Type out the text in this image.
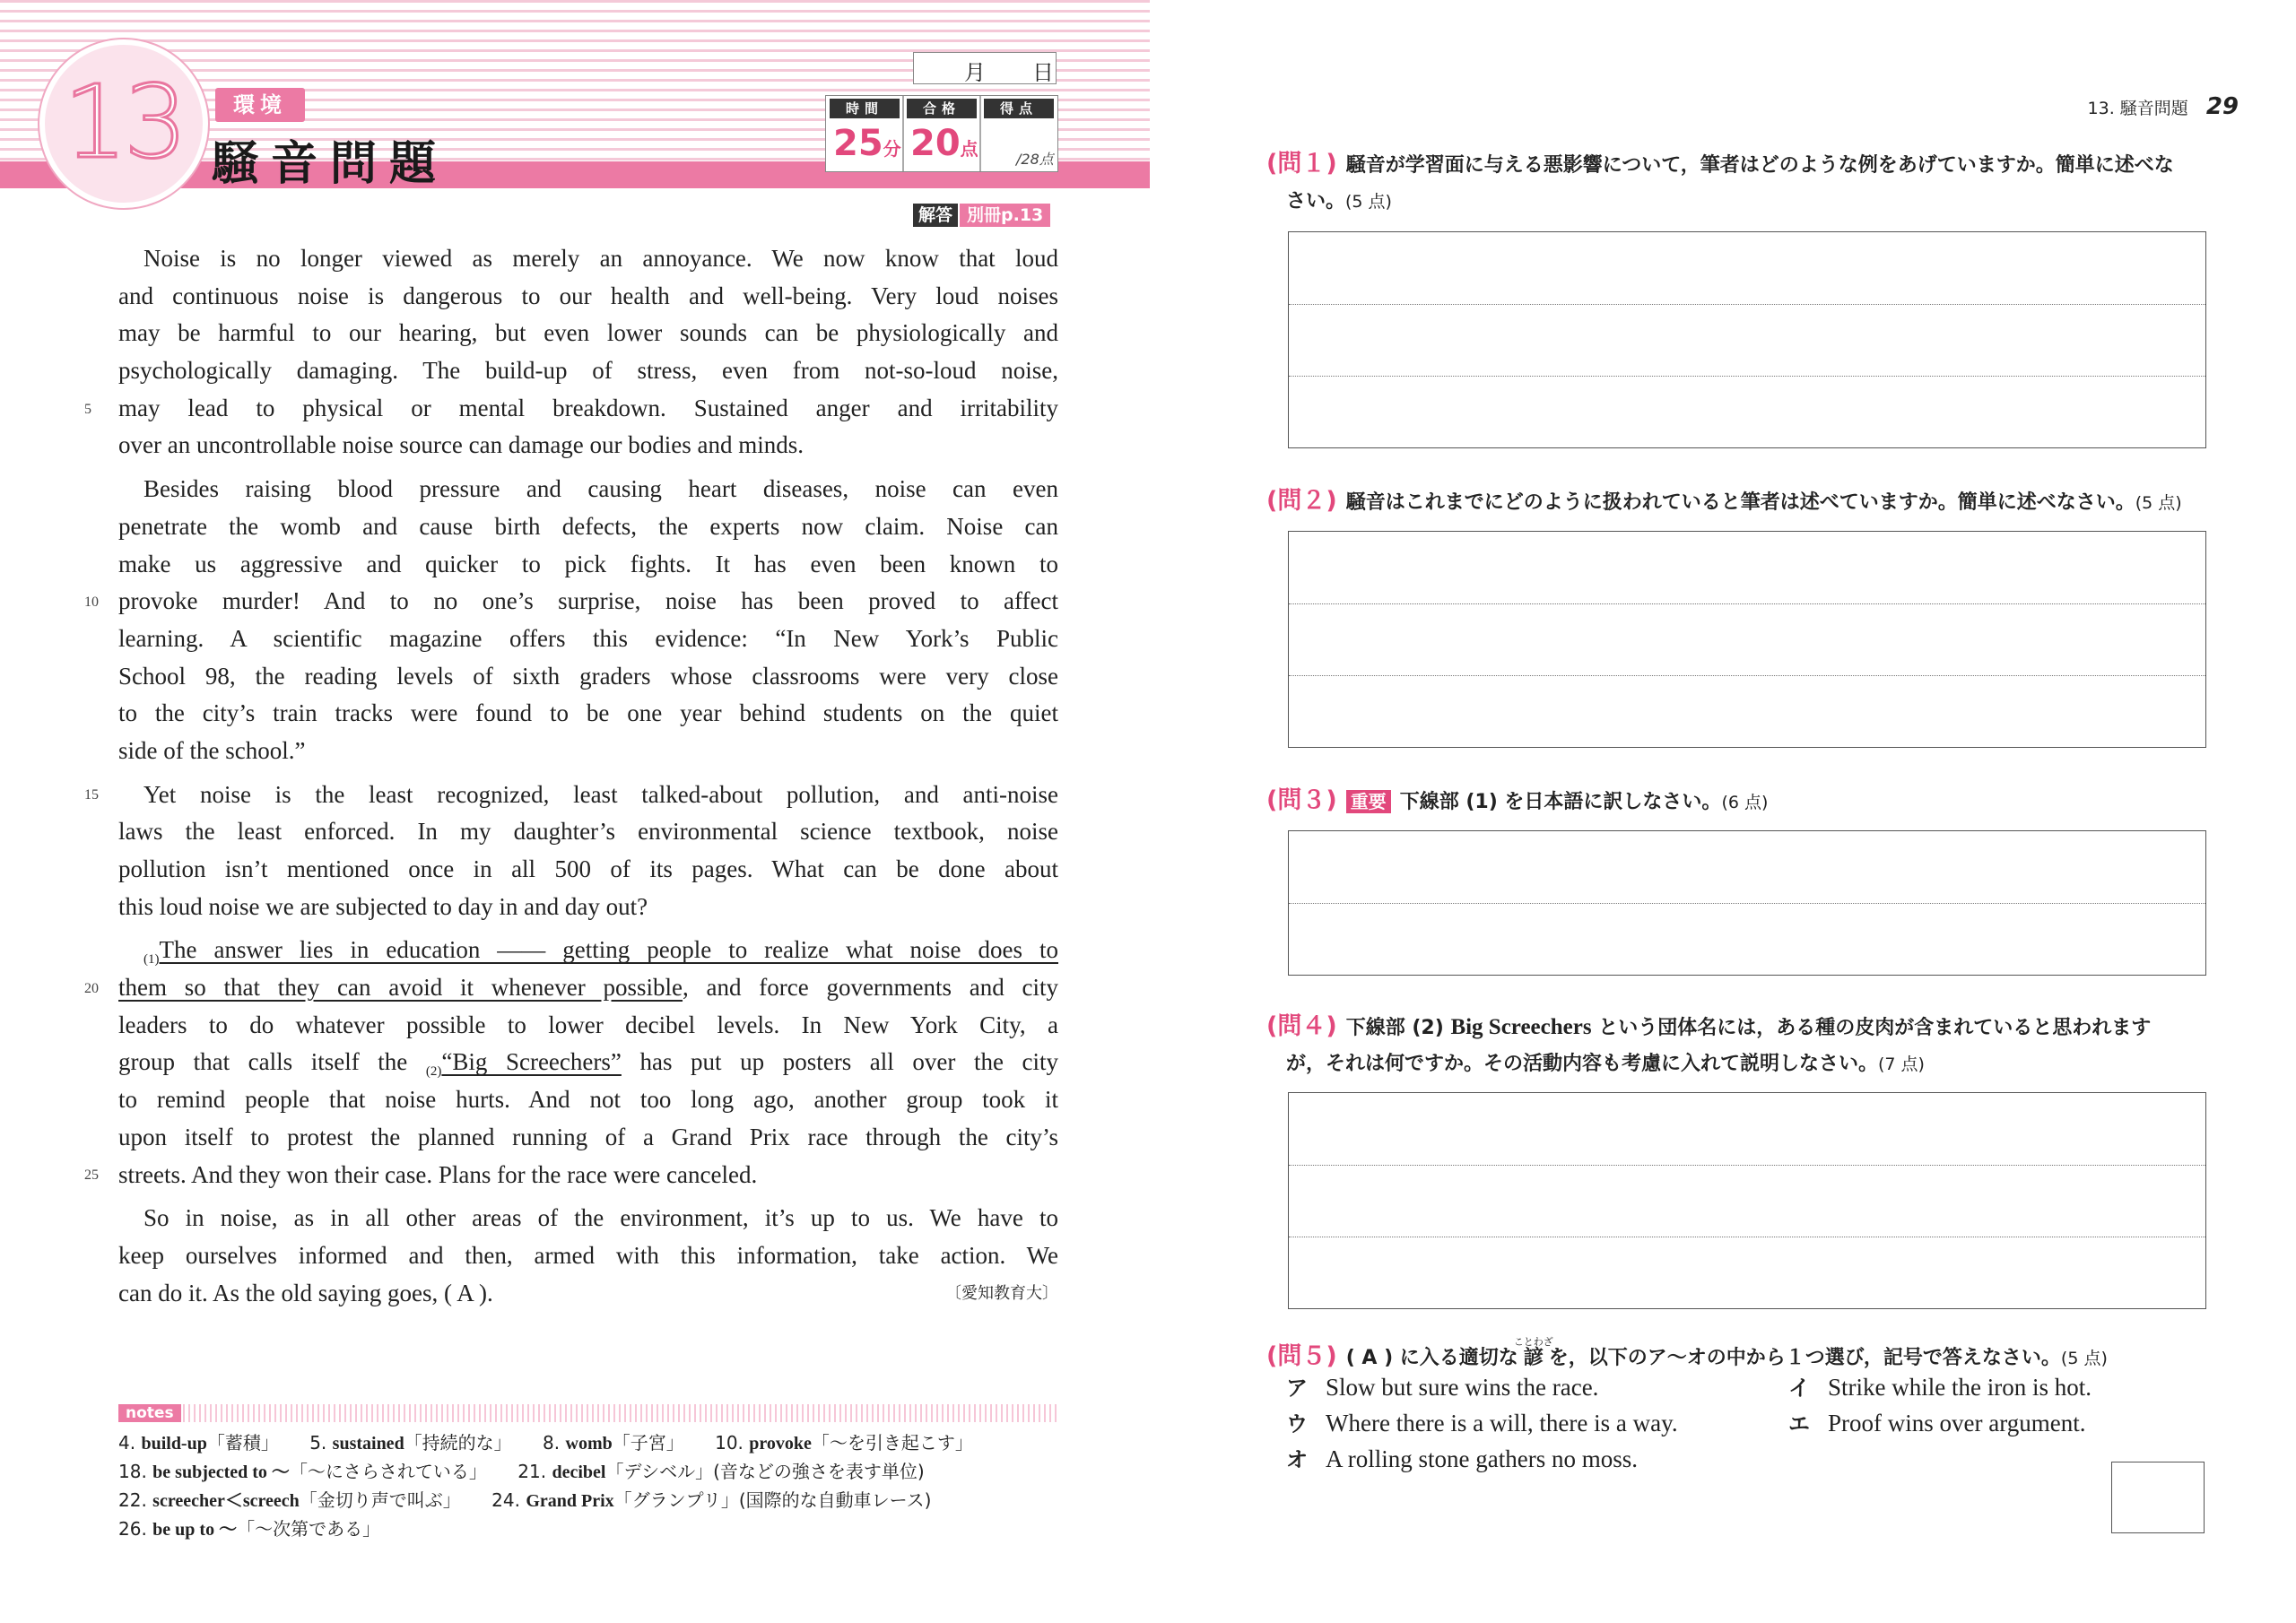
13	環境
騒音問題
月 日
時間	合格	得点
25分 20点	/28点
解答 別冊p.13
Noise is no longer viewed as merely an annoyance. We now know that loud
and continuous noise is dangerous to our health and well-being. Very loud noises
may be harmful to our hearing, but even lower sounds can be physiologically and
psychologically damaging. The build-up of stress, even from not-so-loud noise,
may lead to physical or mental breakdown. Sustained anger and irritability
over an uncontrollable noise source can damage our bodies and minds.
5
Besides raising blood pressure and causing heart diseases, noise can even
penetrate the womb and cause birth defects, the experts now claim. Noise can
make us aggressive and quicker to pick fights. It has even been known to
provoke murder! And to no one’s surprise, noise has been proved to affect
learning. A scientific magazine offers this evidence: “In New York’s Public
School 98, the reading levels of sixth graders whose classrooms were very close
to the city’s train tracks were found to be one year behind students on the quiet
side of the school.”
10
Yet noise is the least recognized, least talked-about pollution, and anti-noise
laws the least enforced. In my daughter’s environmental science textbook, noise
pollution isn’t mentioned once in all 500 of its pages. What can be done about
this loud noise we are subjected to day in and day out?
15
$_{(1)}$The answer lies in education —— getting people to realize what noise does to
them so that they can avoid it whenever possible, and force governments and city
leaders to do whatever possible to lower decibel levels. In New York City, a
group that calls itself the $_{(2)}$“Big Screechers” has put up posters all over the city
to remind people that noise hurts. And not too long ago, another group took it
upon itself to protest the planned running of a Grand Prix race through the city’s
streets. And they won their case. Plans for the race were canceled.
20
25
So in noise, as in all other areas of the environment, it’s up to us. We have to
keep ourselves informed and then, armed with this information, take action. We
can do it. As the old saying goes, ( A ).	〔愛知教育大〕
notes
4. build-up「蓄積」 5. sustained「持続的な」 8. womb「子宮」 10. provoke「～を引き起こす」
18. be subjected to ～「～にさらされている」 21. decibel「デシベル」(音などの強さを表す単位)
22. screecher＜screech「金切り声で叫ぶ」 24. Grand Prix「グランプリ」(国際的な自動車レース)
26. be up to ～「～次第である」
13. 騒音問題 29
(問１) 騒音が学習面に与える悪影響について，筆者はどのような例をあげていますか。簡単に述べな
さい。(5 点)
(問２) 騒音はこれまでにどのように扱われていると筆者は述べていますか。簡単に述べなさい。(5 点)
(問３) 重要 下線部 (1) を日本語に訳しなさい。(6 点)
(問４) 下線部 (2) Big Screechers という団体名には，ある種の皮肉が含まれていると思われます
が，それは何ですか。その活動内容も考慮に入れて説明しなさい。(7 点)
(問５) ( A ) に入る適切な諺ことわざを，以下のア～オの中から１つ選び，記号で答えなさい。(5 点)
ア Slow but sure wins the race.	イ Strike while the iron is hot.
ウ Where there is a will, there is a way.	エ Proof wins over argument.
オ A rolling stone gathers no moss.
